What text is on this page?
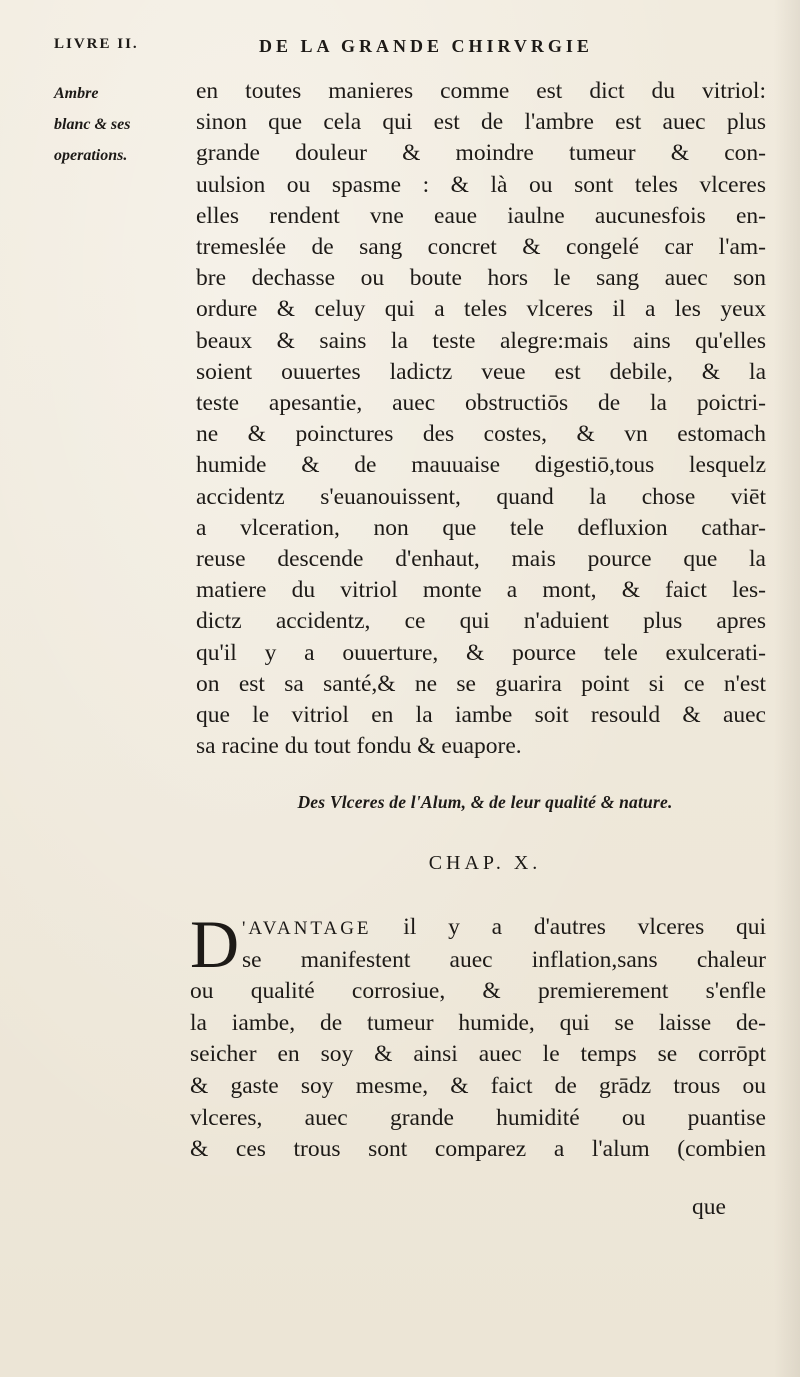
LIVRE II.	DE LA GRANDE CHIRVRGIE
Ambre
blanc & ses
operations.
en toutes manieres comme est dict du vitriol:
sinon que cela qui est de l'ambre est auec plus
grande douleur & moindre tumeur & con-
uulsion ou spasme : & là ou sont teles vlceres
elles rendent vne eaue iaulne aucunesfois en-
tremeslée de sang concret & congelé car l'am-
bre dechasse ou boute hors le sang auec son
ordure & celuy qui a teles vlceres il a les yeux
beaux & sains la teste alegre:mais ains qu'elles
soient ouuertes ladictz veue est debile, & la
teste apesantie, auec obstructiōs de la poictri-
ne & poinctures des costes, & vn estomach
humide & de mauuaise digestiō,tous lesquelz
accidentz s'euanouissent, quand la chose viēt
a vlceration, non que tele defluxion cathar-
reuse descende d'enhaut, mais pource que la
matiere du vitriol monte a mont, & faict les-
dictz accidentz, ce qui n'aduient plus apres
qu'il y a ouuerture, & pource tele exulcerati-
on est sa santé,& ne se guarira point si ce n'est
que le vitriol en la iambe soit resould & auec
sa racine du tout fondu & euapore.
Des Vlceres de l'Alum, & de leur qualité & nature.
CHAP. X.
D 'AVANTAGE il y a d'autres vlceres qui
se manifestent auec inflation,sans chaleur
ou qualité corrosiue, & premierement s'enfle
la iambe, de tumeur humide, qui se laisse de-
seicher en soy & ainsi auec le temps se corrōpt
& gaste soy mesme, & faict de grādz trous ou
vlceres, auec grande humidité ou puantise
& ces trous sont comparez a l'alum (combien
que
